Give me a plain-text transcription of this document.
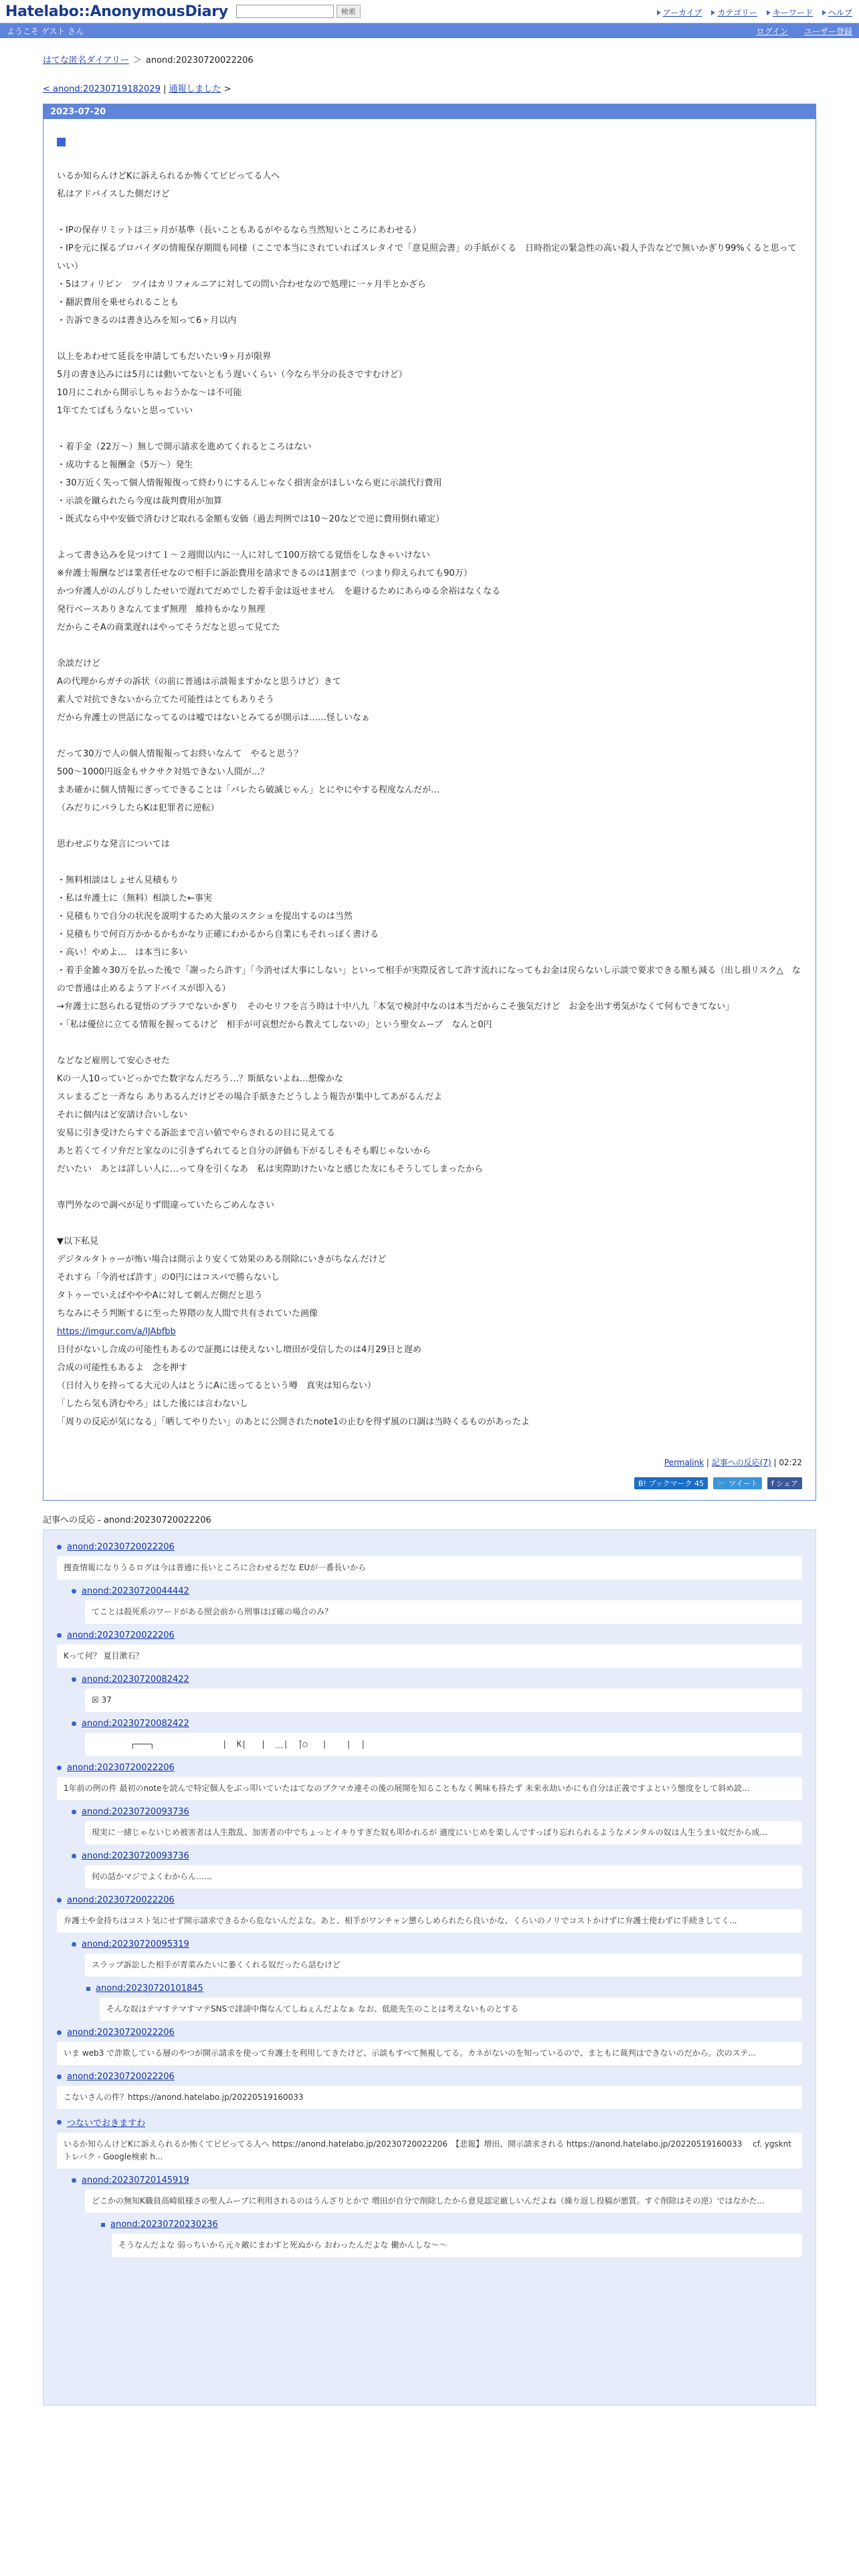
Hatelabo::AnonymousDiary	検索	アーカイブ カテゴリー キーワード ヘルプ
ようこそ ゲスト さん	ログイン ユーザー登録
はてな匿名ダイアリー ＞ anond:20230720022206
< anond:20230719182029 | 通報しました >
2023-07-20

いるか知らんけどKに訴えられるか怖くてビビってる人へ

私はアドバイスした側だけど

・IPの保存リミットは三ヶ月が基準（長いこともあるがやるなら当然短いところにあわせる）

・IPを元に探るプロバイダの情報保存期間も同様（ここで本当にされていればスレタイで「意見照会書」の手紙がくる　日時指定の緊急性の高い殺人予告などで無いかぎり99%くると思っていい）

・5はフィリピン　ツイはカリフォルニアに対しての問い合わせなので処理に一ヶ月半とかざら

・翻訳費用を乗せられることも

・告訴できるのは書き込みを知って6ヶ月以内

以上をあわせて延長を申請してもだいたい9ヶ月が限界

5月の書き込みには5月には動いてないともう遅いくらい（今なら半分の長さですむけど）

10月にこれから開示しちゃおうかな〜は不可能

1年てたてばもうないと思っていい

・着手金（22万〜）無しで開示請求を進めてくれるところはない

・成功すると報酬金（5万〜）発生

・30万近く失って個人情報報復って終わりにするんじゃなく損害金がほしいなら更に示談代行費用

・示談を蹴られたら今度は裁判費用が加算

・既式なら中や安価で済むけど取れる金額も安価（過去判例では10〜20などで逆に費用倒れ確定）

よって書き込みを見つけて１〜２週間以内に一人に対して100万捨てる覚悟をしなきゃいけない

※弁護士報酬などは業者任せなので相手に訴訟費用を請求できるのは1割まで（つまり仰えられても90万）

かつ弁護人がのんびりしたせいで遅れてだめでした着手金は返せません　を避けるためにあらゆる余裕はなくなる

発行ベースありきなんてまず無理　維持もかなり無理

だからこそAの商業遅れはやってそうだなと思って見てた

余談だけど

Aの代理からガチの訴状（の前に普通は示談報ますかなと思うけど）きて

素人で対抗できないから立てた可能性はとてもありそう

だから弁護士の世話になってるのは嘘ではないとみてるが開示は……怪しいなぁ

だって30万で人の個人情報報ってお終いなんて　やると思う？

500〜1000円返金もサクサク対処できない人間が…？

まあ確かに個人情報にぎってできることは「バレたら破滅じゃん」とにやにやする程度なんだが…

（みだりにバラしたらKは犯罪者に逆転）

思わせぶりな発言については

・無料相談はしょせん見積もり

・私は弁護士に（無料）相談した←事実

・見積もりで自分の状況を説明するため大量のスクショを提出するのは当然

・見積もりで何百万かかるかもかなり正確にわかるから自業にもそれっぽく書ける

・高い！やめよ…　は本当に多い

・着手金雑々30万を払った後で「謝ったら許す」「今消せば大事にしない」といって相手が実際反省して許す流れになってもお金は戻らないし示談で要求できる額も減る（出し損リスク△　なので普通は止めるようアドバイスが即入る）

→弁護士に怒られる覚悟のブラフでないかぎり　そのセリフを言う時は十中八九「本気で検討中なのは本当だからこそ強気だけど　お金を出す勇気がなくて何もできてない」

・「私は優位に立てる情報を握ってるけど　相手が可哀想だから教えてしないの」という聖女ムーブ　なんと0円

などなど雇刑して安心させた

Kの一人10っていどっかでた数字なんだろう…？斯紙ないよね…想像かな

スレまるごと一斉なら ありあるんだけどその場合手紙きたどうしよう報告が集中してあがるんだよ

それに個内はど安請け合いしない

安易に引き受けたらすぐる訴訟まで言い値でやらされるの目に見えてる

あと若くてイソ弁だと家なのに引きずられてると自分の評価も下がるしそもそも暇じゃないから

だいたい　あとは詳しい人に…って身を引くなあ　私は実際助けたいなと感じた友にもそうしてしまったから

専門外なので調べが足りず間違っていたらごめんなさい

▼以下私見

デジタルタトゥーが怖い場合は開示より安くて効果のある削除にいきがちなんだけど

それすら「今消せば許す」の0円にはコスパで勝らないし

タトゥーでいえばやややAに対して刺んだ側だと思う

ちなみにそう判断するに至った界隈の友人間で共有されていた画像

https://imgur.com/a/IJAbfbb

日付がないし合成の可能性もあるので証拠には使えないし増田が受信したのは4月29日と遅め

合成の可能性もあるよ　念を押す

（日付入りを持ってる大元の人はとうにAに送ってるという噂　真実は知らない）

「したら気も済むやろ」はした後には言わないし

「周りの反応が気になる」「晒してやりたい」のあとに公開されたnote1の止むを得ず風の口調は当時くるものがあったよ

Permalink | 記事への反応(7) | 02:22
B! ブックマーク 45	🐦 ツイート f シェア
記事への反応 - anond:20230720022206
anond:20230720022206
捜査情報になりうるログは今は普通に長いところに合わせるだな EUが一番長いから
anond:20230720044442
てことは殺死系のワードがある照会前から刑事ほぼ確の場合のみ？
anond:20230720022206
Kって何？ 夏目漱石？
anond:20230720082422
☒ 37
anond:20230720082422
┌───┐              |  K|   |  ＿|  ̄|○   |    |  |
anond:20230720022206
1年前の例の件 最初のnoteを読んで特定個人をぶっ叩いていたはてなのブクマカ連その後の展開を知ることもなく興味も持たず 未来永劫いかにも自分は正義ですよという態度をして斜め読...
anond:20230720093736
現実に一緒じゃないじめ被害者は人生散乱、加害者の中でちょっとイキりすぎた奴も叩かれるが 適度にいじめを楽しんですっぱり忘れられるようなメンタルの奴は人生うまい奴だから成...
anond:20230720093736
何の話かマジでよくわからん……
anond:20230720022206
弁護士や金持ちはコスト気にせず開示請求できるから危ないんだよな。あと、相手がワンチャン懲らしめられたら良いかな、くらいのノリでコストかけずに弁護士使わずに手続きしてく...
anond:20230720095319
スラップ訴訟した相手が青菜みたいに萎くくれる奴だったら話むけど
anond:20230720101845
そんな奴はテマすテマすマテSNSで誹謗中傷なんてしねぇんだよなぁ なお、低能先生のことは考えないものとする
anond:20230720022206
いま web3 で詐欺している層のやつが開示請求を使って弁護士を利用してきたけど、示談もすべて無視してる。カネがないのを知っているので、まともに裁判はできないのだから。次のステ...
anond:20230720022206
こないさんの件？https://anond.hatelabo.jp/20220519160033
つないでおきますわ
いるか知らんけどKに訴えられるか怖くてビビってる人へ https://anond.hatelabo.jp/20230720022206　【悲報】増田、開示請求される https://anond.hatelabo.jp/20220519160033　 cf. ygsknt トレパク - Google検索 h...
anond:20230720145919
どこかの無知K職員高崎組様さの聖人ムーブに利用されるのはうんざりとかで 増田が自分で削除したから意見認定厳しいんだよね（繰り返し投稿が悪質。すぐ削除はその逆）ではなかた...
anond:20230720230236
そうなんだよな 弱っちいから元々敵にまわすと死ぬから おわったんだよな 働かんしな〜〜
